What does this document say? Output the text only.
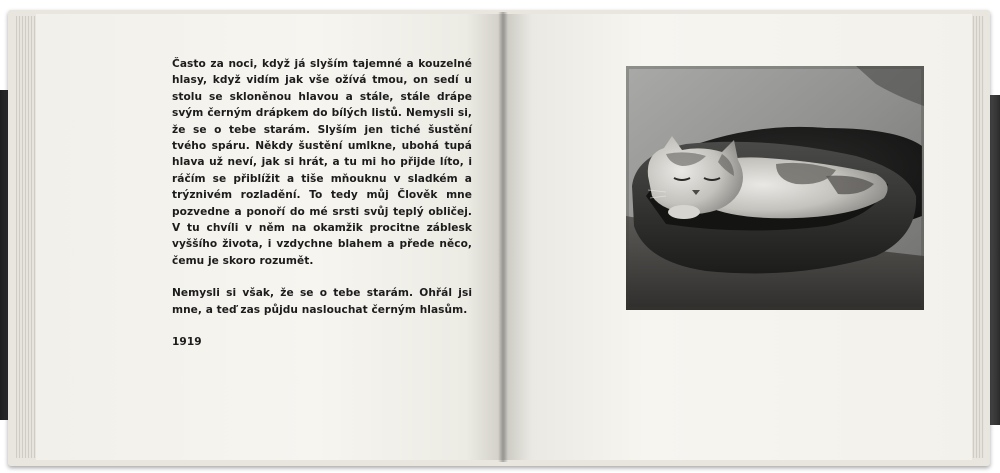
Často za noci, když já slyším tajemné a kouzelné hlasy, když vidím jak vše ožívá tmou, on sedí u stolu se skloněnou hlavou a stále, stále drápe svým černým drápkem do bílých listů. Nemysli si, že se o tebe starám. Slyším jen tiché šustění tvého spáru. Někdy šustění umlkne, ubohá tupá hlava už neví, jak si hrát, a tu mi ho přijde líto, i ráčím se přiblížit a tiše mňouknu v sladkém a trýznivém rozladění. To tedy můj Člověk mne pozvedne a ponoří do mé srsti svůj teplý obličej. V tu chvíli v něm na okamžik procitne záblesk vyššího života, i vzdychne blahem a přede něco, čemu je skoro rozumět.

Nemysli si však, že se o tebe starám. Ohřál jsi mne, a teď zas půjdu naslouchat černým hlasům.

1919
